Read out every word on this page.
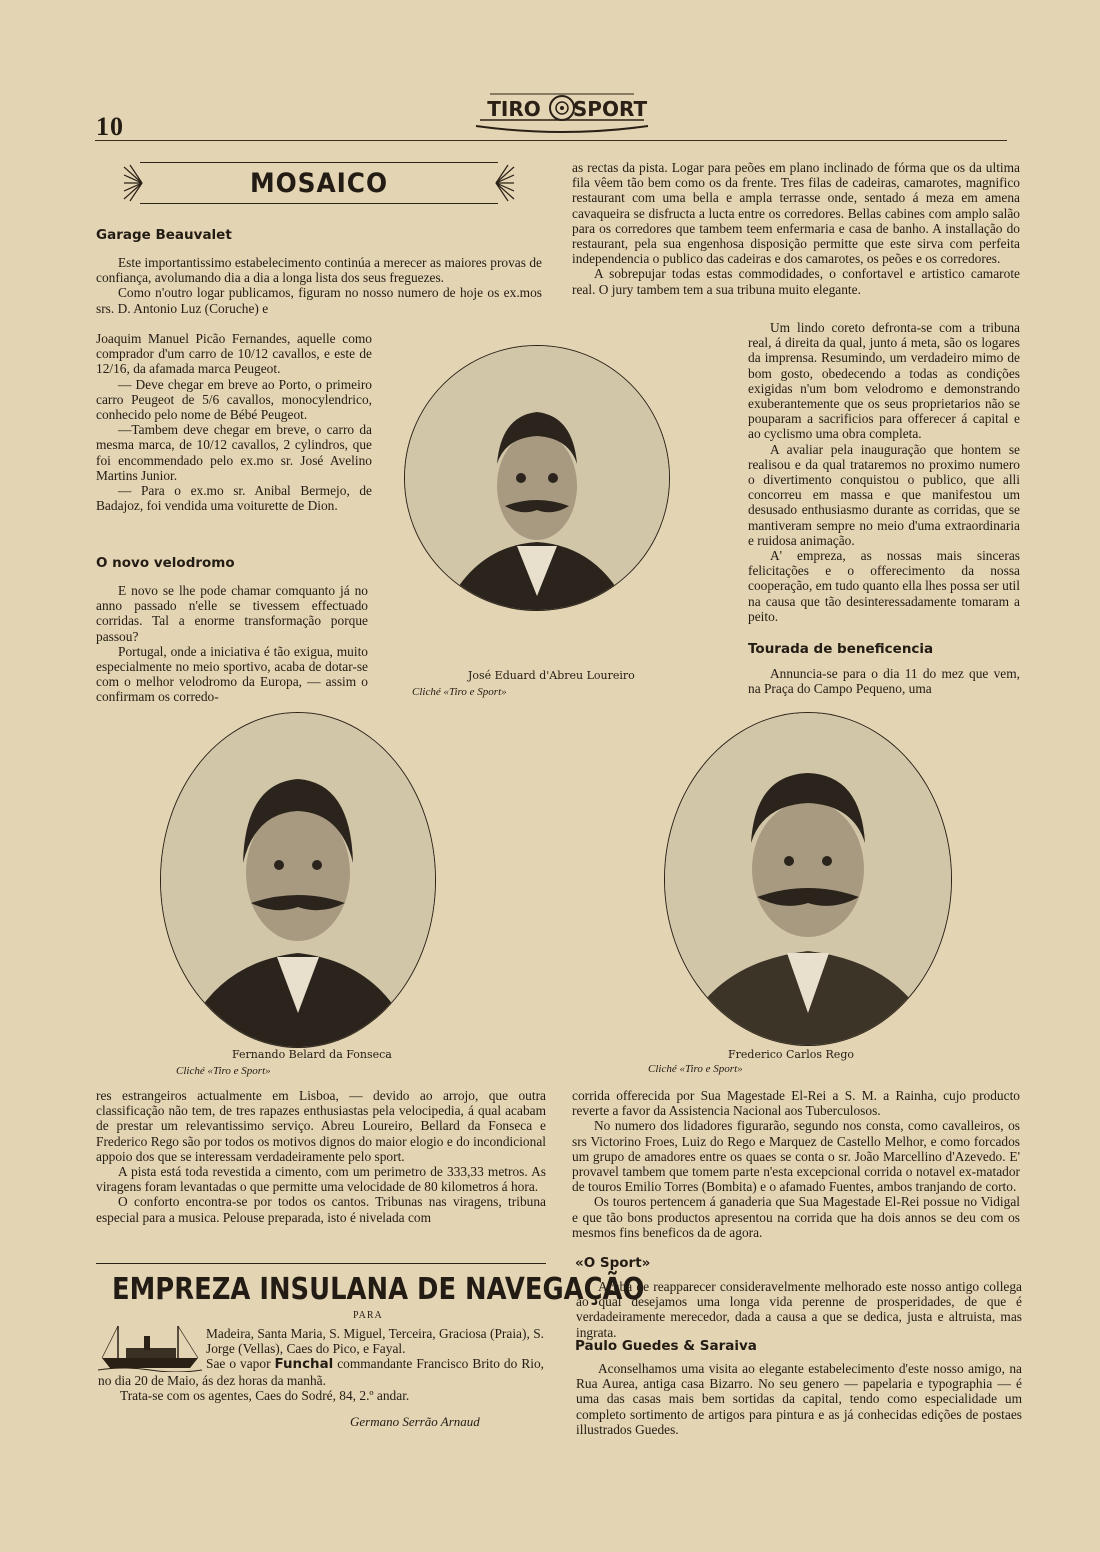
10
TIRO SPORT
MOSAICO
Garage Beauvalet

Este importantissimo estabelecimento continúa a merecer as maiores provas de confiança, avolumando dia a dia a longa lista dos seus freguezes.

Como n'outro logar publicamos, figuram no nosso numero de hoje os ex.mos srs. D. Antonio Luz (Coruche) e

Joaquim Manuel Picão Fernandes, aquelle como comprador d'um carro de 10/12 cavallos, e este de 12/16, da afamada marca Peugeot.

— Deve chegar em breve ao Porto, o primeiro carro Peugeot de 5/6 cavallos, monocylendrico, conhecido pelo nome de Bébé Peugeot.

—Tambem deve chegar em breve, o carro da mesma marca, de 10/12 cavallos, 2 cylindros, que foi encommendado pelo ex.mo sr. José Avelino Martins Junior.

— Para o ex.mo sr. Anibal Bermejo, de Badajoz, foi vendida uma voiturette de Dion.

O novo velodromo

E novo se lhe pode chamar comquanto já no anno passado n'elle se tivessem effectuado corridas. Tal a enorme transformação porque passou?

Portugal, onde a iniciativa é tão exigua, muito especialmente no meio sportivo, acaba de dotar-se com o melhor velodromo da Europa, — assim o confirmam os corredo-

José Eduard d'Abreu Loureiro
Cliché «Tiro e Sport»
Fernando Belard da Fonseca
Cliché «Tiro e Sport»
Frederico Carlos Rego
Cliché «Tiro e Sport»

res estrangeiros actualmente em Lisboa, — devido ao arrojo, que outra classificação não tem, de tres rapazes enthusiastas pela velocipedia, á qual acabam de prestar um relevantissimo serviço. Abreu Loureiro, Bellard da Fonseca e Frederico Rego são por todos os motivos dignos do maior elogio e do incondicional appoio dos que se interessam verdadeiramente pelo sport.

A pista está toda revestida a cimento, com um perimetro de 333,33 metros. As viragens foram levantadas o que permitte uma velocidade de 80 kilometros á hora.

O conforto encontra-se por todos os cantos. Tribunas nas viragens, tribuna especial para a musica. Pelouse preparada, isto é nivelada com

as rectas da pista. Logar para peões em plano inclinado de fórma que os da ultima fila vêem tão bem como os da frente. Tres filas de cadeiras, camarotes, magnifico restaurant com uma bella e ampla terrasse onde, sentado á meza em amena cavaqueira se disfructa a lucta entre os corredores. Bellas cabines com amplo salão para os corredores que tambem teem enfermaria e casa de banho. A installação do restaurant, pela sua engenhosa disposição permitte que este sirva com perfeita independencia o publico das cadeiras e dos camarotes, os peões e os corredores.

A sobrepujar todas estas commodidades, o confortavel e artistico camarote real. O jury tambem tem a sua tribuna muito elegante.

Um lindo coreto defronta-se com a tribuna real, á direita da qual, junto á meta, são os logares da imprensa. Resumindo, um verdadeiro mimo de bom gosto, obedecendo a todas as condições exigidas n'um bom velodromo e demonstrando exuberantemente que os seus proprietarios não se pouparam a sacrificios para offerecer á capital e ao cyclismo uma obra completa.

A avaliar pela inauguração que hontem se realisou e da qual trataremos no proximo numero o divertimento conquistou o publico, que alli concorreu em massa e que manifestou um desusado enthusiasmo durante as corridas, que se mantiveram sempre no meio d'uma extraordinaria e ruidosa animação.

A' empreza, as nossas mais sinceras felicitações e o offerecimento da nossa cooperação, em tudo quanto ella lhes possa ser util na causa que tão desinteressadamente tomaram a peito.

Tourada de beneficencia

Annuncia-se para o dia 11 do mez que vem, na Praça do Campo Pequeno, uma

corrida offerecida por Sua Magestade El-Rei a S. M. a Rainha, cujo producto reverte a favor da Assistencia Nacional aos Tuberculosos.

No numero dos lidadores figurarão, segundo nos consta, como cavalleiros, os srs Victorino Froes, Luiz do Rego e Marquez de Castello Melhor, e como forcados um grupo de amadores entre os quaes se conta o sr. João Marcellino d'Azevedo. E' provavel tambem que tomem parte n'esta excepcional corrida o notavel ex-matador de touros Emilio Torres (Bombita) e o afamado Fuentes, ambos tranjando de corto.

Os touros pertencem á ganaderia que Sua Magestade El-Rei possue no Vidigal e que tão bons productos apresentou na corrida que ha dois annos se deu com os mesmos fins beneficos da de agora.

«O Sport»

Acaba de reapparecer consideravelmente melhorado este nosso antigo collega ao qual desejamos uma longa vida perenne de prosperidades, de que é verdadeiramente merecedor, dada a causa a que se dedica, justa e altruista, mas ingrata.

Paulo Guedes & Saraiva

Aconselhamos uma visita ao elegante estabelecimento d'este nosso amigo, na Rua Aurea, antiga casa Bizarro. No seu genero — papelaria e typographia — é uma das casas mais bem sortidas da capital, tendo como especialidade um completo sortimento de artigos para pintura e as já conhecidas edições de postaes illustrados Guedes.

EMPREZA INSULANA DE NAVEGAÇÃO
PARA

Madeira, Santa Maria, S. Miguel, Terceira, Graciosa (Praia), S. Jorge (Vellas), Caes do Pico, e Fayal.

Sae o vapor Funchal commandante Francisco Brito do Rio, no dia 20 de Maio, ás dez horas da manhã.

Trata-se com os agentes, Caes do Sodré, 84, 2.º andar.

Germano Serrão Arnaud
